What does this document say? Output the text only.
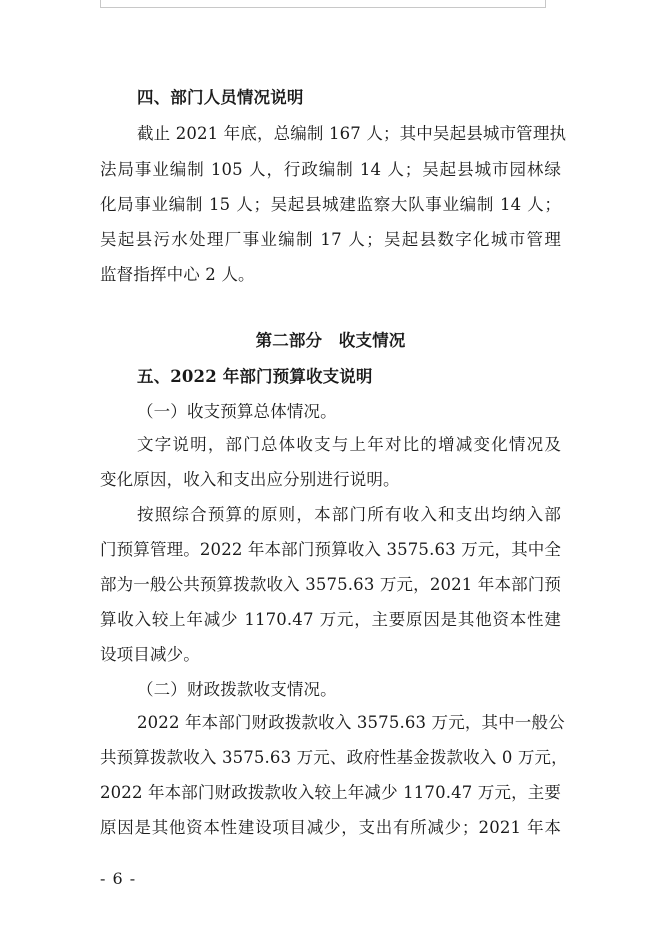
四、部门人员情况说明
截止 2021 年底，总编制 167 人；其中吴起县城市管理执
法局事业编制 105 人，行政编制 14 人；吴起县城市园林绿
化局事业编制 15 人；吴起县城建监察大队事业编制 14 人；
吴起县污水处理厂事业编制 17 人；吴起县数字化城市管理
监督指挥中心 2 人。
第二部分　收支情况
五、2022 年部门预算收支说明
（一）收支预算总体情况。
文字说明，部门总体收支与上年对比的增减变化情况及
变化原因，收入和支出应分别进行说明。
按照综合预算的原则，本部门所有收入和支出均纳入部
门预算管理。2022 年本部门预算收入 3575.63 万元，其中全
部为一般公共预算拨款收入 3575.63 万元，2021 年本部门预
算收入较上年减少 1170.47 万元，主要原因是其他资本性建
设项目减少。
（二）财政拨款收支情况。
2022 年本部门财政拨款收入 3575.63 万元，其中一般公
共预算拨款收入 3575.63 万元、政府性基金拨款收入 0 万元，
2022 年本部门财政拨款收入较上年减少 1170.47 万元，主要
原因是其他资本性建设项目减少，支出有所减少；2021 年本
- 6 -
